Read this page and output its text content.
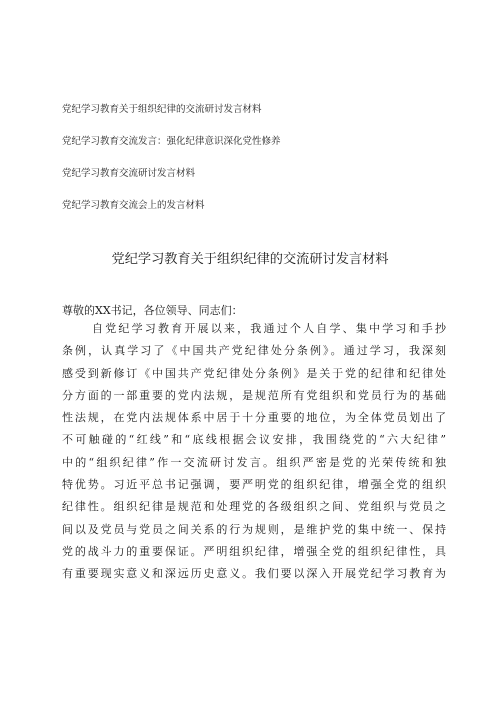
党纪学习教育关于组织纪律的交流研讨发言材料
党纪学习教育交流发言：强化纪律意识深化党性修养
党纪学习教育交流研讨发言材料
党纪学习教育交流会上的发言材料
党纪学习教育关于组织纪律的交流研讨发言材料
尊敬的XX书记，各位领导、同志们：
自党纪学习教育开展以来，我通过个人自学、集中学习和手抄
条例，认真学习了《中国共产党纪律处分条例》。通过学习，我深刻
感受到新修订《中国共产党纪律处分条例》是关于党的纪律和纪律处
分方面的一部重要的党内法规，是规范所有党组织和党员行为的基础
性法规，在党内法规体系中居于十分重要的地位，为全体党员划出了
不可触碰的“红线”和“底线根据会议安排，我围绕党的“六大纪律”
中的“组织纪律”作一交流研讨发言。组织严密是党的光荣传统和独
特优势。习近平总书记强调，要严明党的组织纪律，增强全党的组织
纪律性。组织纪律是规范和处理党的各级组织之间、党组织与党员之
间以及党员与党员之间关系的行为规则，是维护党的集中统一、保持
党的战斗力的重要保证。严明组织纪律，增强全党的组织纪律性，具
有重要现实意义和深远历史意义。我们要以深入开展党纪学习教育为
